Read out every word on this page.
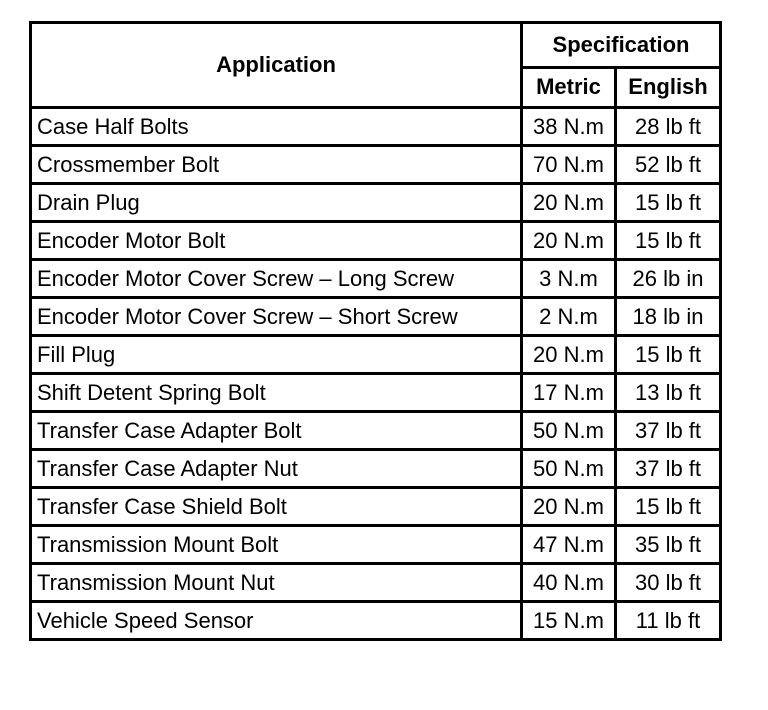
Application	Specification	
	Metric	English
Case Half Bolts	38 N.m	28 lb ft
Crossmember Bolt	70 N.m	52 lb ft
Drain Plug	20 N.m	15 lb ft
Encoder Motor Bolt	20 N.m	15 lb ft
Encoder Motor Cover Screw – Long Screw	3 N.m	26 lb in
Encoder Motor Cover Screw – Short Screw	2 N.m	18 lb in
Fill Plug	20 N.m	15 lb ft
Shift Detent Spring Bolt	17 N.m	13 lb ft
Transfer Case Adapter Bolt	50 N.m	37 lb ft
Transfer Case Adapter Nut	50 N.m	37 lb ft
Transfer Case Shield Bolt	20 N.m	15 lb ft
Transmission Mount Bolt	47 N.m	35 lb ft
Transmission Mount Nut	40 N.m	30 lb ft
Vehicle Speed Sensor	15 N.m	11 lb ft
